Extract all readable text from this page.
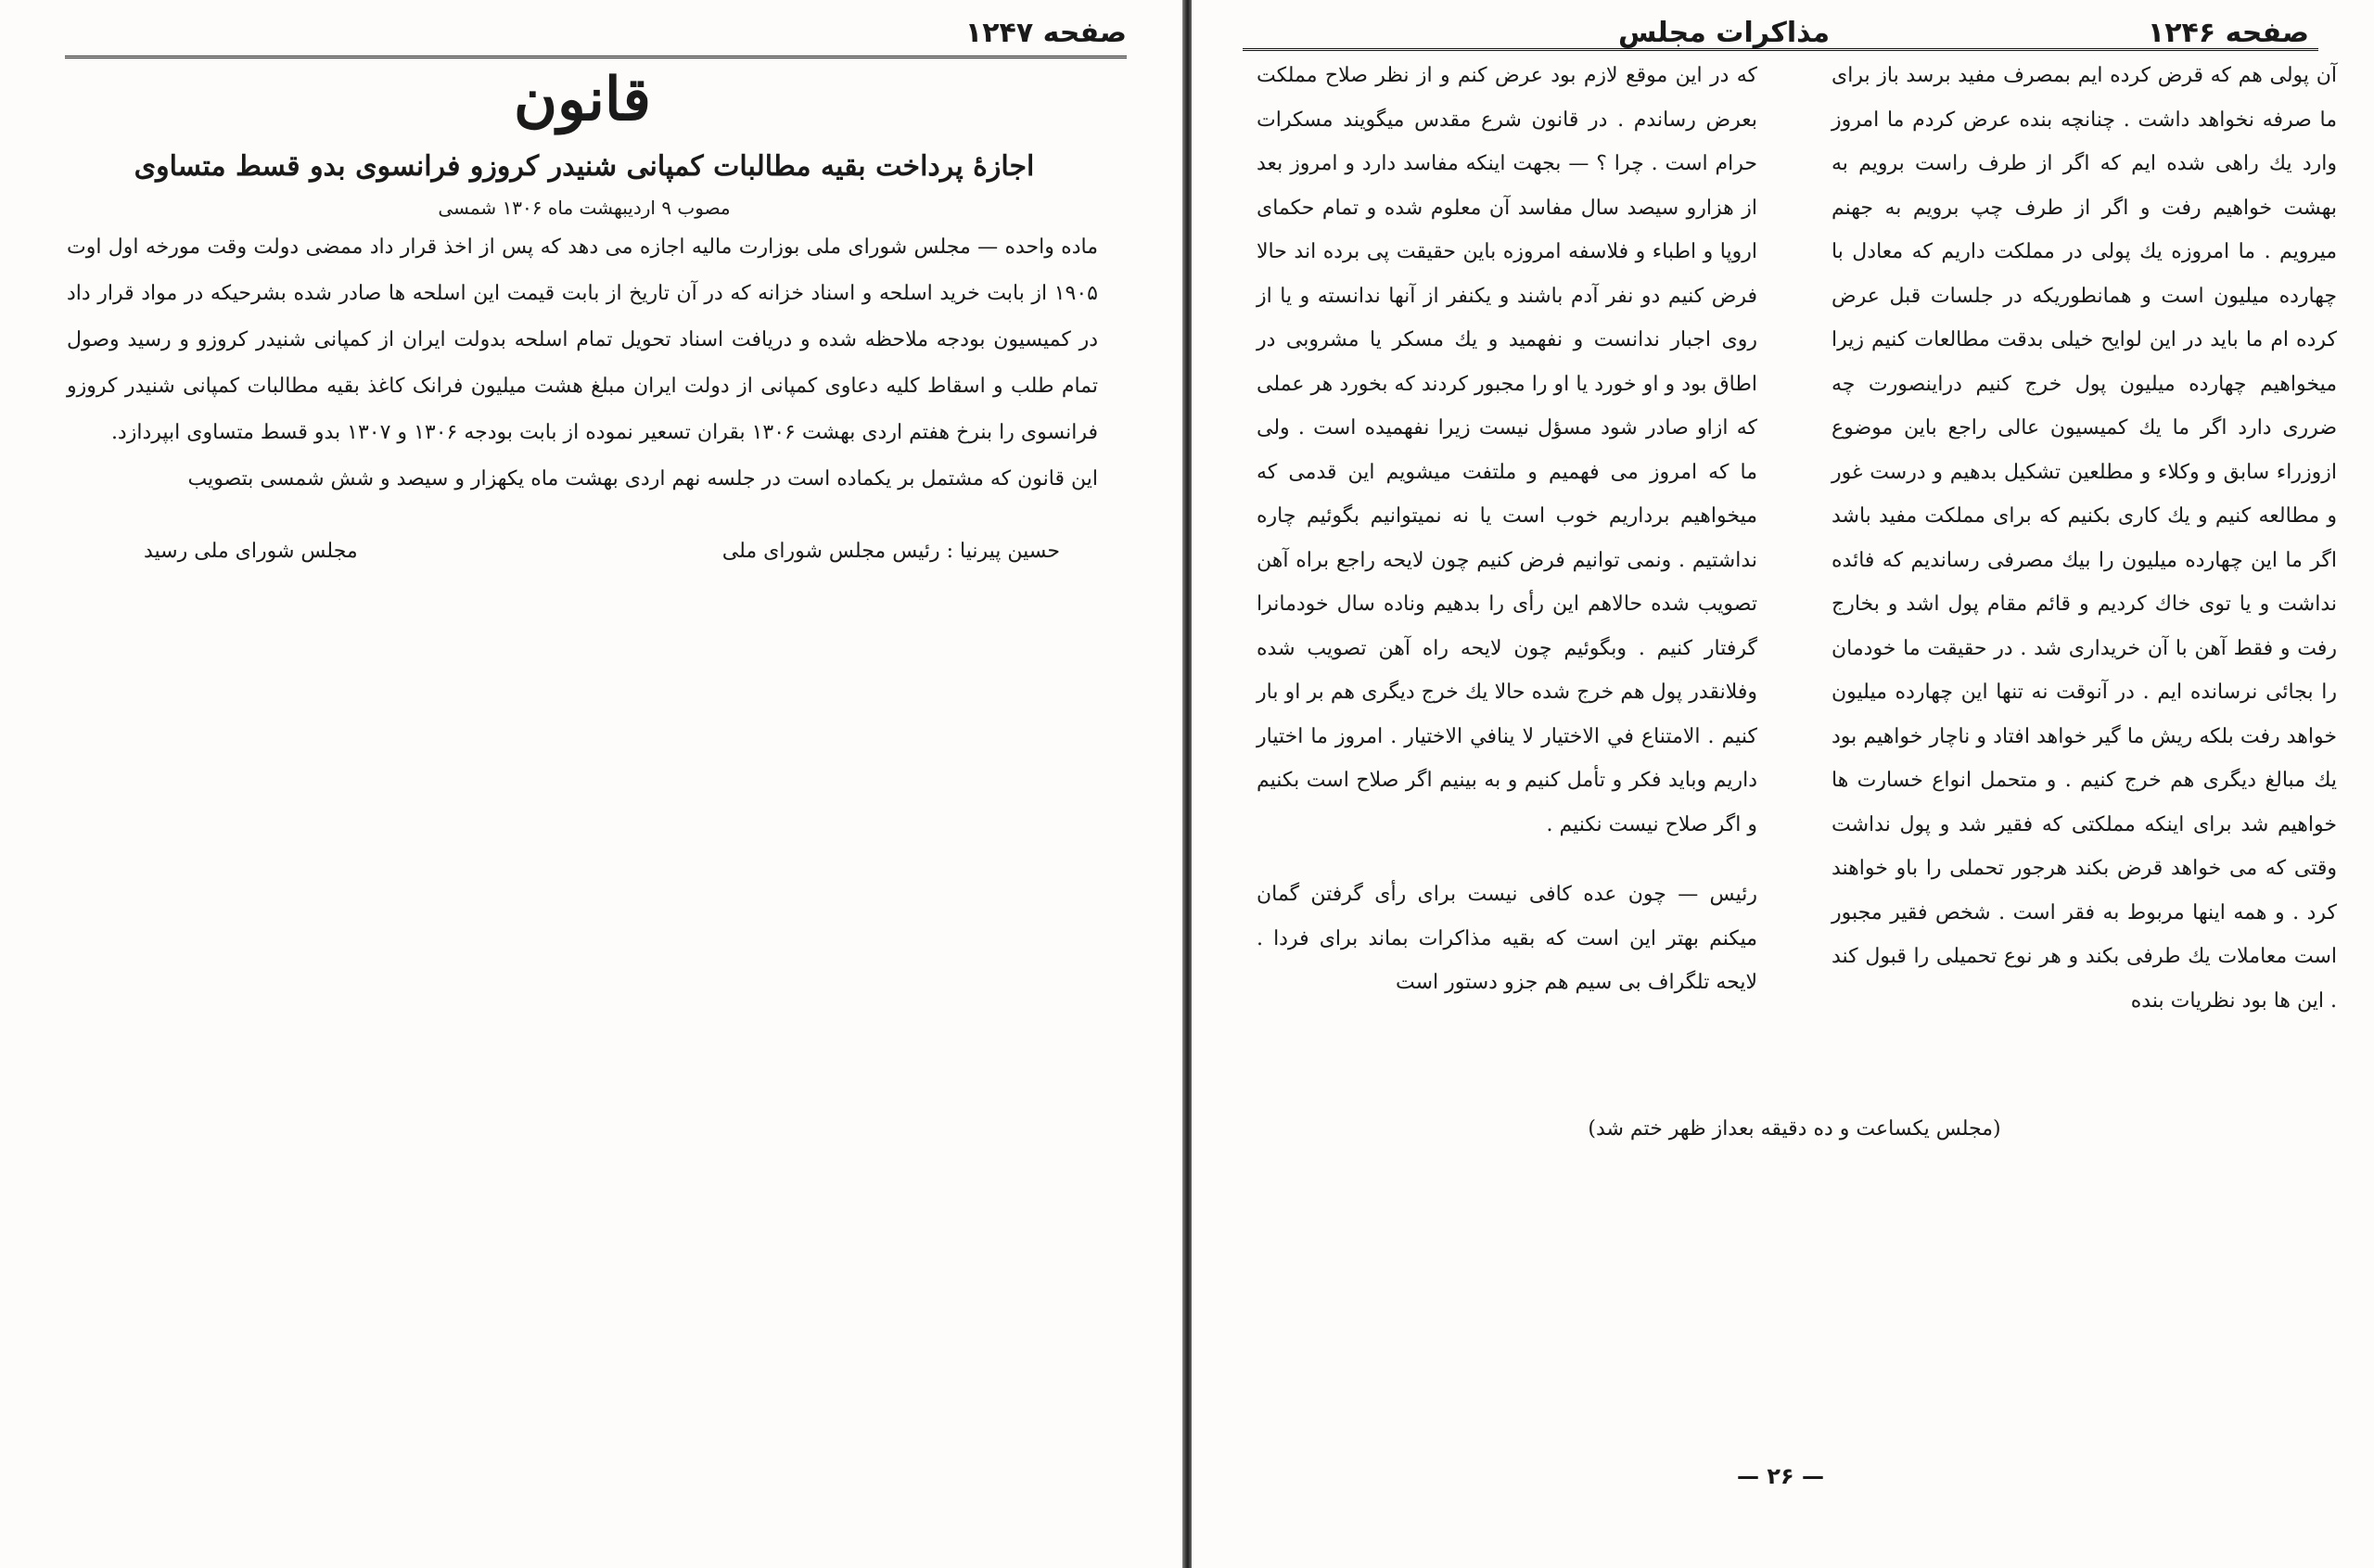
صفحه ۱۲۴۷
قانون
اجازهٔ پرداخت بقیه مطالبات کمپانی شنیدر کروزو فرانسوی بدو قسط متساوی
مصوب ۹ اردیبهشت ماه ۱۳۰۶ شمسی

ماده واحده — مجلس شورای ملی بوزارت مالیه اجازه می دهد که پس از اخذ قرار داد ممضی دولت وقت مورخه اول اوت ۱۹۰۵ از بابت خرید اسلحه و اسناد خزانه که در آن تاریخ از بابت قیمت این اسلحه ها صادر شده بشرحیکه در مواد قرار داد در کمیسیون بودجه ملاحظه شده و دریافت اسناد تحویل تمام اسلحه بدولت ایران از کمپانی شنیدر کروزو و رسید وصول تمام طلب و اسقاط کلیه دعاوی کمپانی از دولت ایران مبلغ هشت میلیون فرانک کاغذ بقیه مطالبات کمپانی شنیدر کروزو فرانسوی را بنرخ هفتم اردی بهشت ۱۳۰۶ بقران تسعیر نموده از بابت بودجه ۱۳۰۶ و ۱۳۰۷ بدو قسط متساوی ابپردازد.

این قانون که مشتمل بر یکماده است در جلسه نهم اردی بهشت ماه یکهزار و سیصد و شش شمسی بتصویب

حسین پیرنیا : رئیس مجلس شورای ملی
مجلس شورای ملی رسید
صفحه ۱۲۴۶
مذاکرات مجلس

آن پولی هم که قرض کرده ایم بمصرف مفید برسد باز برای ما صرفه نخواهد داشت . چنانچه بنده عرض کردم ما امروز وارد یك راهی شده ایم که اگر از طرف راست برویم به بهشت خواهیم رفت و اگر از طرف چپ برویم به جهنم میرویم . ما امروزه یك پولی در مملکت داریم که معادل با چهارده میلیون است و همانطوریکه در جلسات قبل عرض کرده ام ما باید در این لوایح خیلی بدقت مطالعات کنیم زیرا میخواهیم چهارده میلیون پول خرج کنیم دراینصورت چه ضرری دارد اگر ما یك کمیسیون عالی راجع باین موضوع ازوزراء سابق و وکلاء و مطلعین تشکیل بدهیم و درست غور و مطالعه کنیم و یك کاری بکنیم که برای مملکت مفید باشد اگر ما این چهارده میلیون را بیك مصرفی رساندیم که فائده نداشت و یا توی خاك کردیم و قائم مقام پول اشد و بخارج رفت و فقط آهن با آن خریداری شد . در حقیقت ما خودمان را بجائی نرسانده ایم . در آنوقت نه تنها این چهارده میلیون خواهد رفت بلکه ریش ما گیر خواهد افتاد و ناچار خواهیم بود یك مبالغ دیگری هم خرج کنیم . و متحمل انواع خسارت ها خواهیم شد برای اینکه مملکتی که فقیر شد و پول نداشت وقتی که می خواهد قرض بکند هرجور تحملی را باو خواهند کرد . و همه اینها مربوط به فقر است . شخص فقیر مجبور است معاملات یك طرفی بکند و هر نوع تحمیلی را قبول کند . این ها بود نظریات بنده

که در این موقع لازم بود عرض کنم و از نظر صلاح مملکت بعرض رساندم . در قانون شرع مقدس میگویند مسکرات حرام است . چرا ؟ — بجهت اینکه مفاسد دارد و امروز بعد از هزارو سیصد سال مفاسد آن معلوم شده و تمام حکمای اروپا و اطباء و فلاسفه امروزه باین حقیقت پی برده اند حالا فرض کنیم دو نفر آدم باشند و یکنفر از آنها ندانسته و یا از روی اجبار ندانست و نفهمید و یك مسکر یا مشروبی در اطاق بود و او خورد یا او را مجبور کردند که بخورد هر عملی که ازاو صادر شود مسؤل نیست زیرا نفهمیده است . ولی ما که امروز می فهمیم و ملتفت میشویم این قدمی که میخواهیم برداریم خوب است یا نه نمیتوانیم بگوئیم چاره نداشتیم . ونمی توانیم فرض کنیم چون لایحه راجع براه آهن تصویب شده حالاهم این رأی را بدهیم وناده سال خودمانرا گرفتار کنیم . وبگوئیم چون لایحه راه آهن تصویب شده وفلانقدر پول هم خرج شده حالا یك خرج دیگری هم بر او بار کنیم . الامتناع في الاختیار لا ینافي الاختیار . امروز ما اختیار داریم وباید فکر و تأمل کنیم و به بینیم اگر صلاح است بکنیم و اگر صلاح نیست نکنیم .

رئیس — چون عده کافی نیست برای رأی گرفتن گمان میکنم بهتر این است که بقیه مذاکرات بماند برای فردا . لایحه تلگراف بی سیم هم جزو دستور است

(مجلس یکساعت و ده دقیقه بعداز ظهر ختم شد)
— ۲۶ —
